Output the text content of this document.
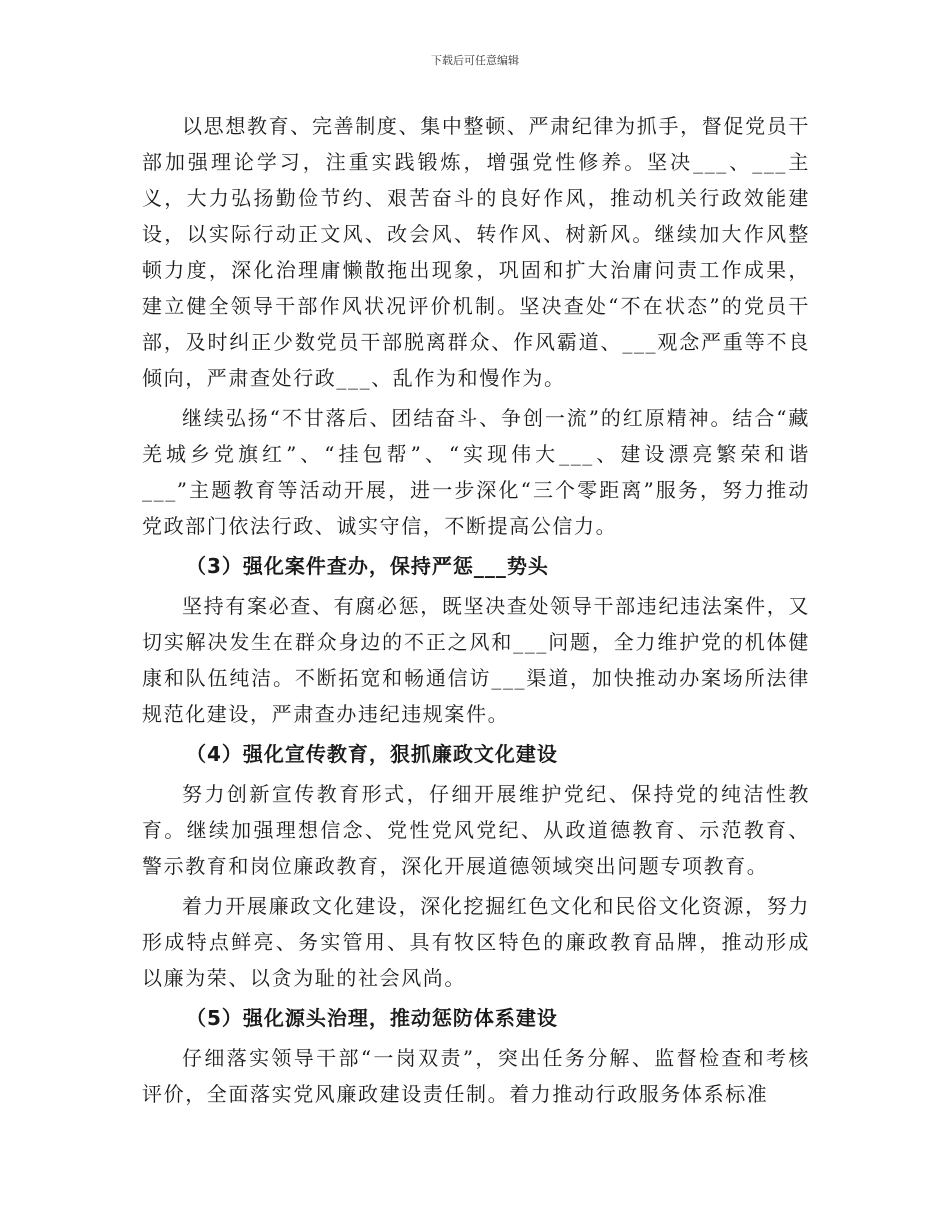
下载后可任意编辑

以思想教育、完善制度、集中整顿、严肃纪律为抓手，督促党员干部加强理论学习，注重实践锻炼，增强党性修养。坚决___、___主义，大力弘扬勤俭节约、艰苦奋斗的良好作风，推动机关行政效能建设，以实际行动正文风、改会风、转作风、树新风。继续加大作风整顿力度，深化治理庸懒散拖出现象，巩固和扩大治庸问责工作成果，建立健全领导干部作风状况评价机制。坚决查处“不在状态”的党员干部，及时纠正少数党员干部脱离群众、作风霸道、___观念严重等不良倾向，严肃查处行政___、乱作为和慢作为。

继续弘扬“不甘落后、团结奋斗、争创一流”的红原精神。结合“藏羌城乡党旗红”、“挂包帮”、“实现伟大___、建设漂亮繁荣和谐___”主题教育等活动开展，进一步深化“三个零距离”服务，努力推动党政部门依法行政、诚实守信，不断提高公信力。

（3）强化案件查办，保持严惩___势头

坚持有案必查、有腐必惩，既坚决查处领导干部违纪违法案件，又切实解决发生在群众身边的不正之风和___问题，全力维护党的机体健康和队伍纯洁。不断拓宽和畅通信访___渠道，加快推动办案场所法律规范化建设，严肃查办违纪违规案件。

（4）强化宣传教育，狠抓廉政文化建设

努力创新宣传教育形式，仔细开展维护党纪、保持党的纯洁性教育。继续加强理想信念、党性党风党纪、从政道德教育、示范教育、警示教育和岗位廉政教育，深化开展道德领域突出问题专项教育。

着力开展廉政文化建设，深化挖掘红色文化和民俗文化资源，努力形成特点鲜亮、务实管用、具有牧区特色的廉政教育品牌，推动形成以廉为荣、以贪为耻的社会风尚。

（5）强化源头治理，推动惩防体系建设

仔细落实领导干部“一岗双责”，突出任务分解、监督检查和考核评价，全面落实党风廉政建设责任制。着力推动行政服务体系标准
